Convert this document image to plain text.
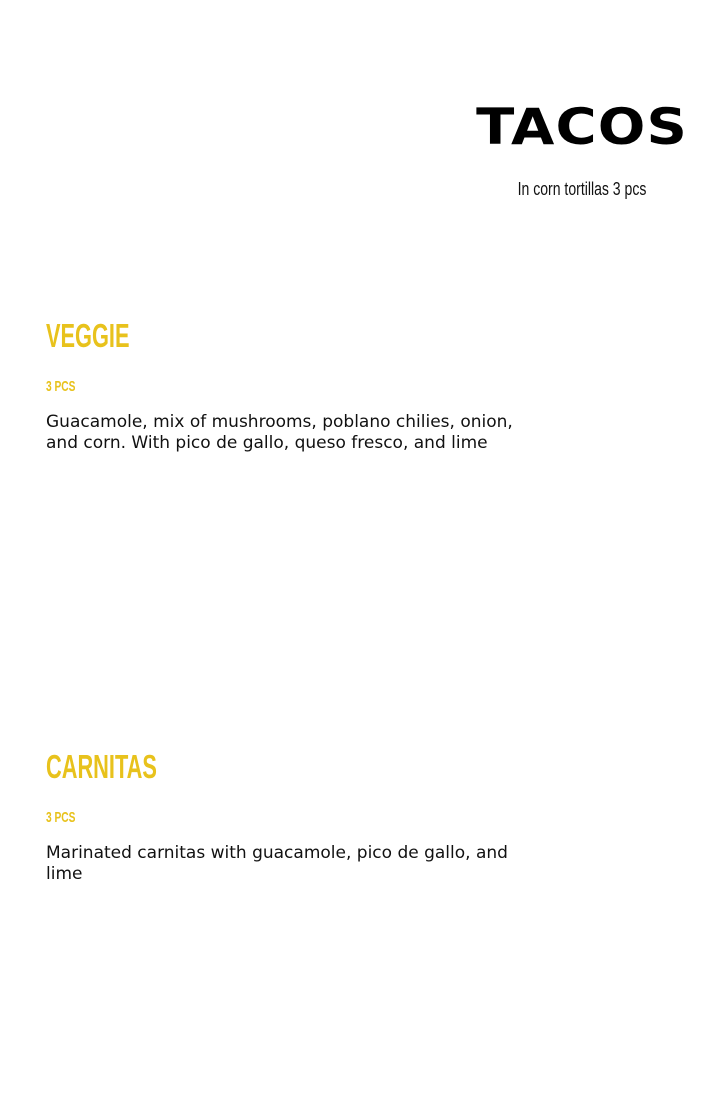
TACOS

In corn tortillas 3 pcs

VEGGIE

3 PCS

Guacamole, mix of mushrooms, poblano chilies, onion, and corn. With pico de gallo, queso fresco, and lime

CARNITAS

3 PCS

Marinated carnitas with guacamole, pico de gallo, and lime
